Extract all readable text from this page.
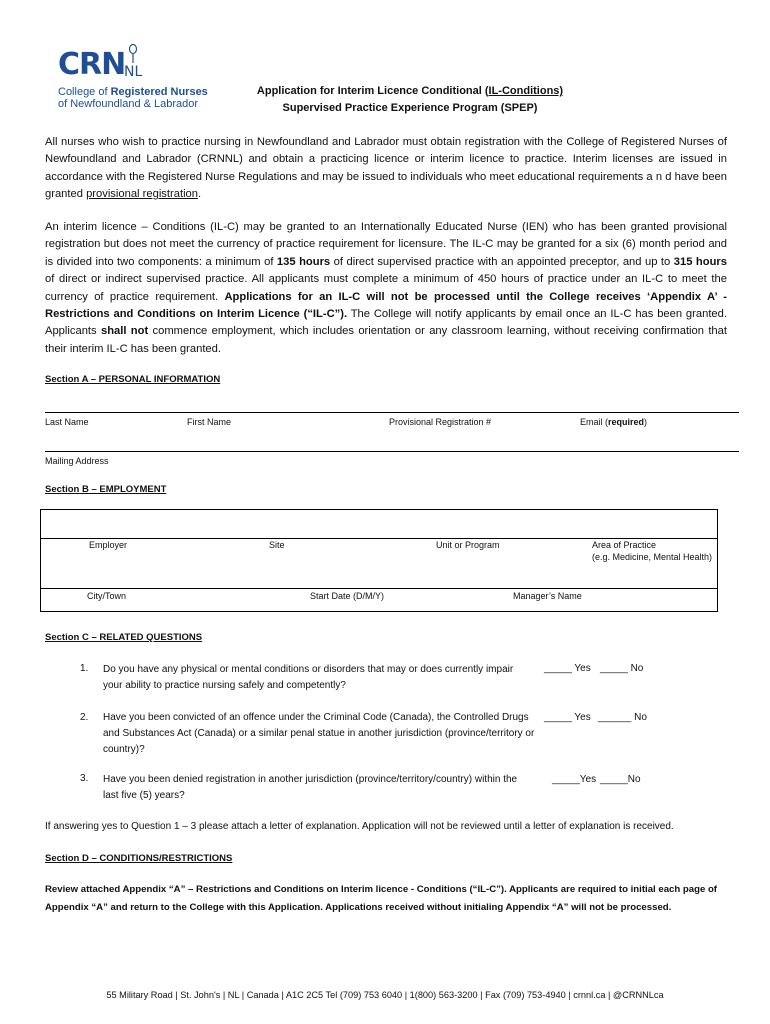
CRN
NL
College of Registered Nurses
of Newfoundland & Labrador
Application for Interim Licence Conditional (IL-Conditions)
Supervised Practice Experience Program (SPEP)
All nurses who wish to practice nursing in Newfoundland and Labrador must obtain registration with the College of Registered Nurses of Newfoundland and Labrador (CRNNL) and obtain a practicing licence or interim licence to practice. Interim licenses are issued in accordance with the Registered Nurse Regulations and may be issued to individuals who meet educational requirements a n d have been granted provisional registration.
An interim licence – Conditions (IL-C) may be granted to an Internationally Educated Nurse (IEN) who has been granted provisional registration but does not meet the currency of practice requirement for licensure. The IL-C may be granted for a six (6) month period and is divided into two components: a minimum of 135 hours of direct supervised practice with an appointed preceptor, and up to 315 hours of direct or indirect supervised practice. All applicants must complete a minimum of 450 hours of practice under an IL-C to meet the currency of practice requirement. Applications for an IL-C will not be processed until the College receives ‘Appendix A’ - Restrictions and Conditions on Interim Licence (“IL-C”). The College will notify applicants by email once an IL-C has been granted. Applicants shall not commence employment, which includes orientation or any classroom learning, without receiving confirmation that their interim IL-C has been granted.
Section A – PERSONAL INFORMATION
Last Name	First Name	Provisional Registration #	Email (required)
Mailing Address
Section B – EMPLOYMENT
Employer	Site	Unit or Program	Area of Practice
(e.g. Medicine, Mental Health)
City/Town	Start Date (D/M/Y)	Manager’s Name
Section C – RELATED QUESTIONS
1. Do you have any physical or mental conditions or disorders that may or does currently impair your ability to practice nursing safely and competently?
_____ Yes _____ No
2. Have you been convicted of an offence under the Criminal Code (Canada), the Controlled Drugs and Substances Act (Canada) or a similar penal statue in another jurisdiction (province/territory or country)?
_____ Yes ______ No
3. Have you been denied registration in another jurisdiction (province/territory/country) within the last five (5) years?
_____Yes _____No
If answering yes to Question 1 – 3 please attach a letter of explanation. Application will not be reviewed until a letter of explanation is received.
Section D – CONDITIONS/RESTRICTIONS
Review attached Appendix “A” – Restrictions and Conditions on Interim licence - Conditions (“IL-C”). Applicants are required to initial each page of Appendix “A” and return to the College with this Application. Applications received without initialing Appendix “A” will not be processed.
55 Military Road | St. John's | NL | Canada | A1C 2C5 Tel (709) 753 6040 | 1(800) 563-3200 | Fax (709) 753-4940 | crnnl.ca | @CRNNLca
